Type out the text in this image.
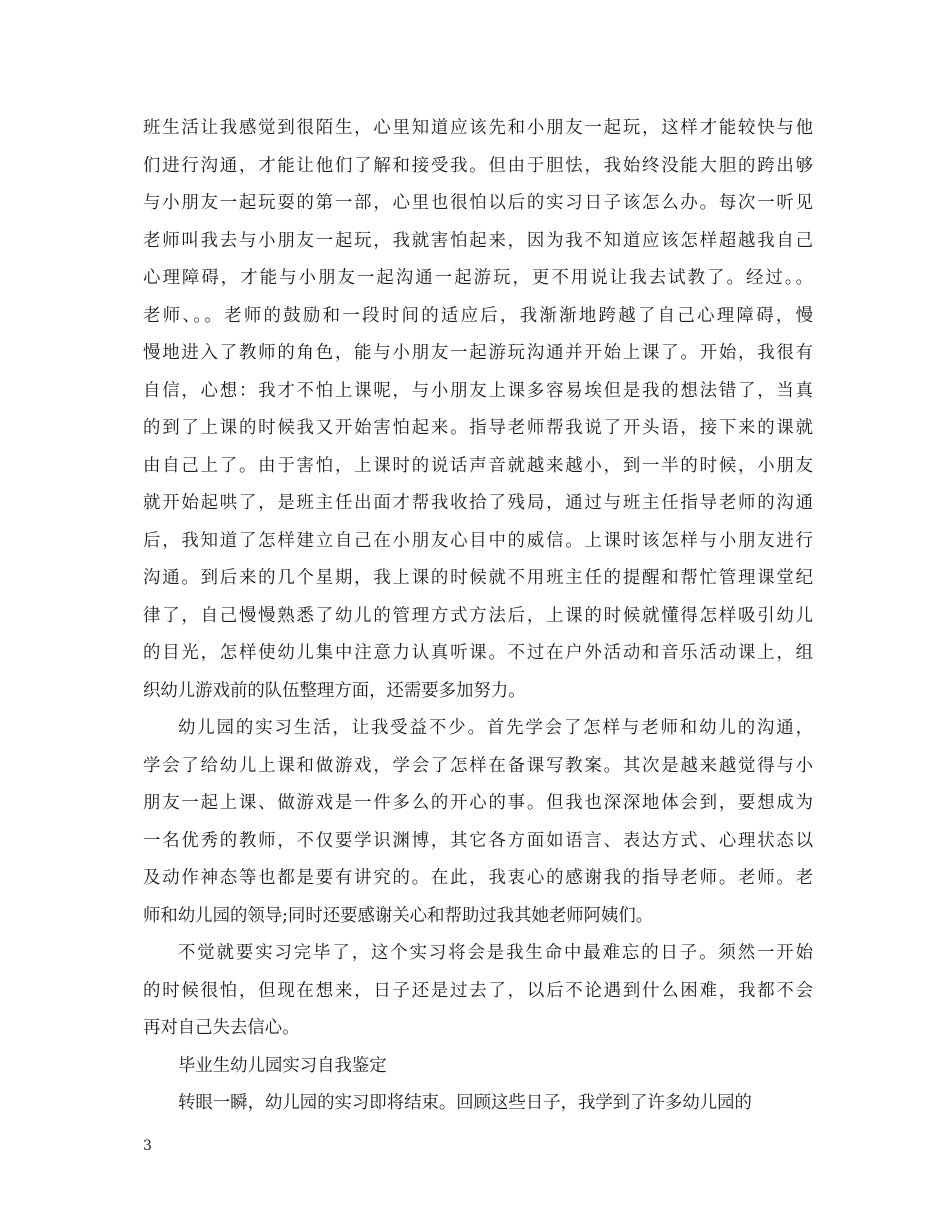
班生活让我感觉到很陌生，心里知道应该先和小朋友一起玩，这样才能较快与他
们进行沟通，才能让他们了解和接受我。但由于胆怯，我始终没能大胆的跨出够
与小朋友一起玩耍的第一部，心里也很怕以后的实习日子该怎么办。每次一听见
老师叫我去与小朋友一起玩，我就害怕起来，因为我不知道应该怎样超越我自己
心理障碍，才能与小朋友一起沟通一起游玩，更不用说让我去试教了。经过。。
老师、。。老师的鼓励和一段时间的适应后，我渐渐地跨越了自己心理障碍，慢
慢地进入了教师的角色，能与小朋友一起游玩沟通并开始上课了。开始，我很有
自信，心想：我才不怕上课呢，与小朋友上课多容易埃但是我的想法错了，当真
的到了上课的时候我又开始害怕起来。指导老师帮我说了开头语，接下来的课就
由自己上了。由于害怕，上课时的说话声音就越来越小，到一半的时候，小朋友
就开始起哄了，是班主任出面才帮我收拾了残局，通过与班主任指导老师的沟通
后，我知道了怎样建立自己在小朋友心目中的威信。上课时该怎样与小朋友进行
沟通。到后来的几个星期，我上课的时候就不用班主任的提醒和帮忙管理课堂纪
律了，自己慢慢熟悉了幼儿的管理方式方法后，上课的时候就懂得怎样吸引幼儿
的目光，怎样使幼儿集中注意力认真听课。不过在户外活动和音乐活动课上，组
织幼儿游戏前的队伍整理方面，还需要多加努力。
幼儿园的实习生活，让我受益不少。首先学会了怎样与老师和幼儿的沟通，
学会了给幼儿上课和做游戏，学会了怎样在备课写教案。其次是越来越觉得与小
朋友一起上课、做游戏是一件多么的开心的事。但我也深深地体会到，要想成为
一名优秀的教师，不仅要学识渊博，其它各方面如语言、表达方式、心理状态以
及动作神态等也都是要有讲究的。在此，我衷心的感谢我的指导老师。老师。老
师和幼儿园的领导;同时还要感谢关心和帮助过我其她老师阿姨们。
不觉就要实习完毕了，这个实习将会是我生命中最难忘的日子。须然一开始
的时候很怕，但现在想来，日子还是过去了，以后不论遇到什么困难，我都不会
再对自己失去信心。
毕业生幼儿园实习自我鉴定
转眼一瞬，幼儿园的实习即将结束。回顾这些日子，我学到了许多幼儿园的
3
